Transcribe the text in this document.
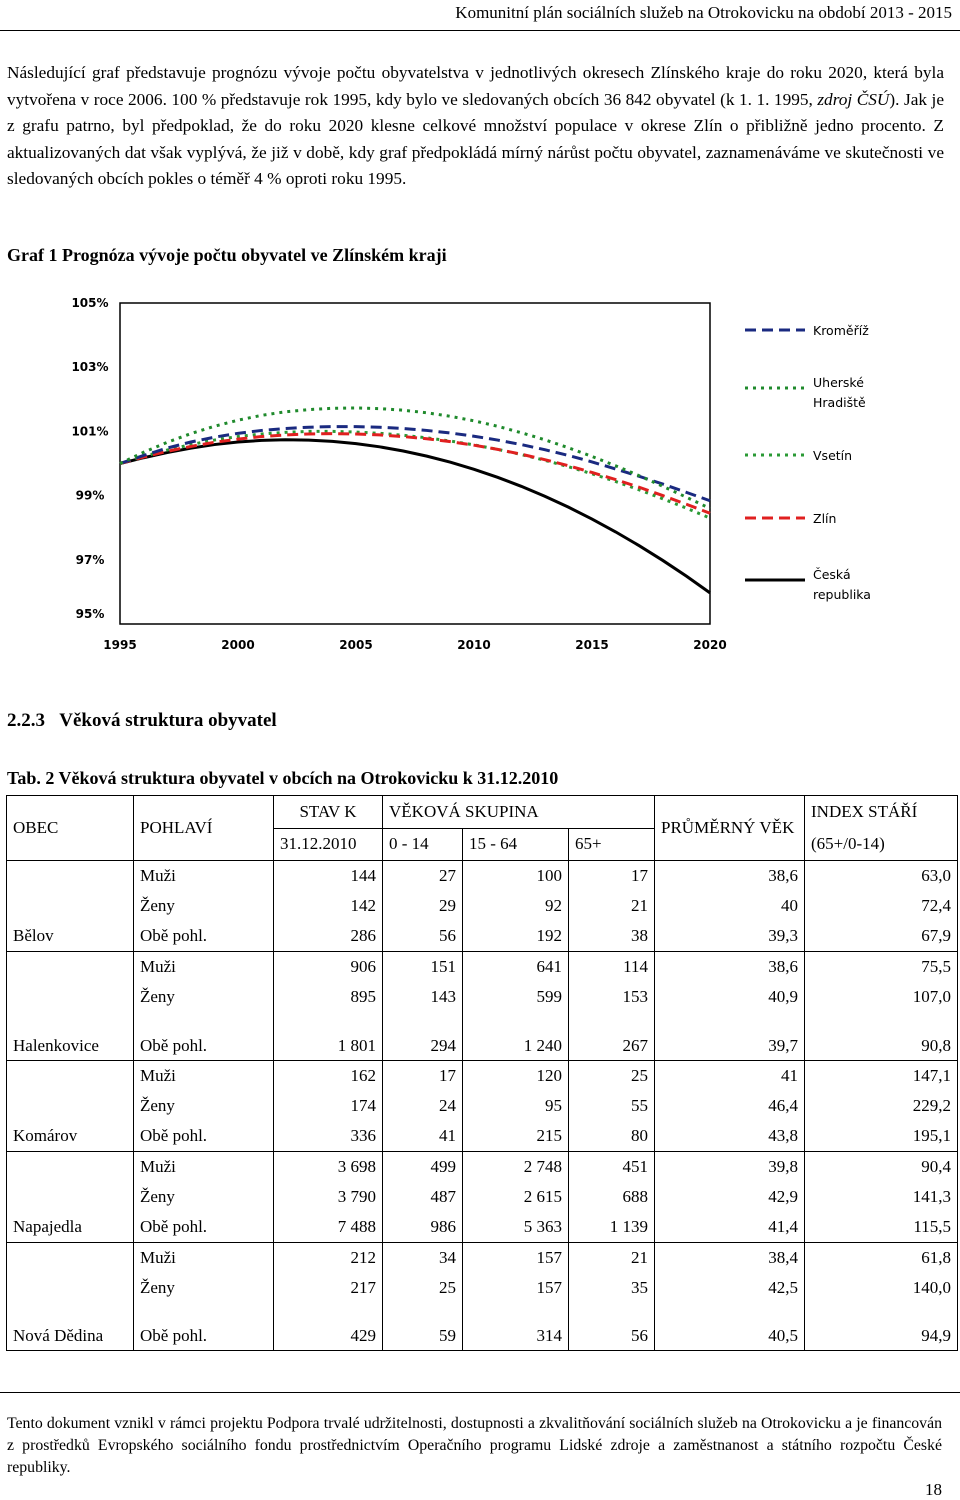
Komunitní plán sociálních služeb na Otrokovicku na období 2013 - 2015

Následující graf představuje prognózu vývoje počtu obyvatelstva v jednotlivých okresech Zlínského kraje do roku 2020, která byla vytvořena v roce 2006. 100 % představuje rok 1995, kdy bylo ve sledovaných obcích 36 842 obyvatel (k 1. 1. 1995, zdroj ČSÚ). Jak je z grafu patrno, byl předpoklad, že do roku 2020 klesne celkové množství populace v okrese Zlín o přibližně jedno procento. Z aktualizovaných dat však vyplývá, že již v době, kdy graf předpokládá mírný nárůst počtu obyvatel, zaznamenáváme ve skutečnosti ve sledovaných obcích pokles o téměř 4 % oproti roku 1995.

Graf 1 Prognóza vývoje počtu obyvatel ve Zlínském kraji

105%
103%
101%
99%
97%
95%
1995	2000	2005	2010	2015	2020
Kroměříž
Uherské Hradiště
Vsetín
Zlín
Česká republika

2.2.3 Věková struktura obyvatel

Tab. 2 Věková struktura obyvatel v obcích na Otrokovicku k 31.12.2010

OBEC	POHLAVÍ	STAV K	VĚKOVÁ SKUPINA			PRŮMĚRNÝ VĚK	INDEX STÁŘÍ
		31.12.2010	0 - 14	15 - 64	65+		(65+/0-14)
	Muži	144	27	100	17	38,6	63,0
	Ženy	142	29	92	21	40	72,4
Bělov	Obě pohl.	286	56	192	38	39,3	67,9
	Muži	906	151	641	114	38,6	75,5
	Ženy	895	143	599	153	40,9	107,0
Halenkovice	Obě pohl.	1 801	294	1 240	267	39,7	90,8
	Muži	162	17	120	25	41	147,1
	Ženy	174	24	95	55	46,4	229,2
Komárov	Obě pohl.	336	41	215	80	43,8	195,1
	Muži	3 698	499	2 748	451	39,8	90,4
	Ženy	3 790	487	2 615	688	42,9	141,3
Napajedla	Obě pohl.	7 488	986	5 363	1 139	41,4	115,5
	Muži	212	34	157	21	38,4	61,8
	Ženy	217	25	157	35	42,5	140,0
Nová Dědina	Obě pohl.	429	59	314	56	40,5	94,9

Tento dokument vznikl v rámci projektu Podpora trvalé udržitelnosti, dostupnosti a zkvalitňování sociálních služeb na Otrokovicku a je financován z prostředků Evropského sociálního fondu prostřednictvím Operačního programu Lidské zdroje a zaměstnanost a státního rozpočtu České republiky.

18
